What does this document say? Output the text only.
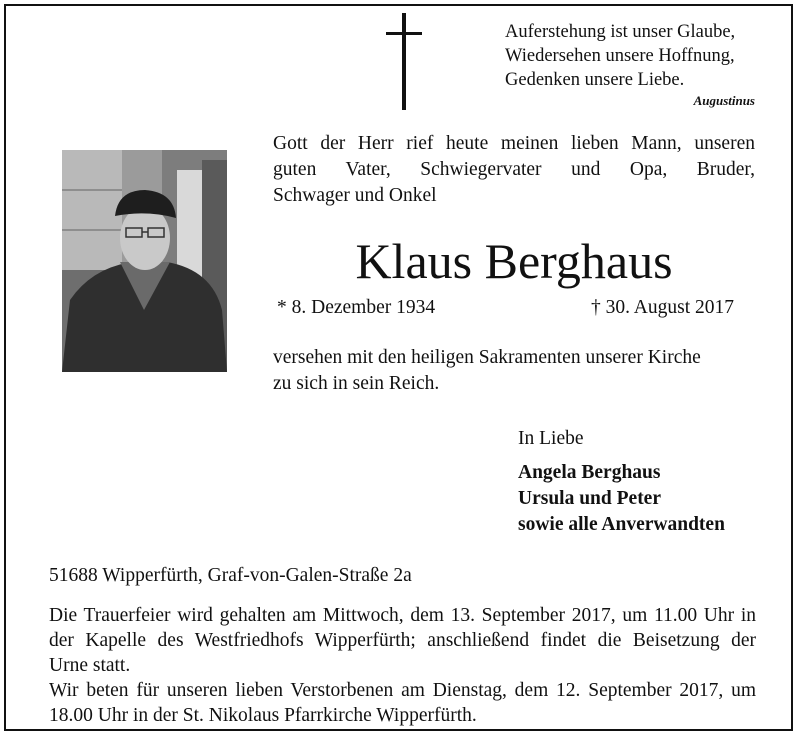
Auferstehung ist unser Glaube,
Wiedersehen unsere Hoffnung,
Gedenken unsere Liebe.
Augustinus
Gott der Herr rief heute meinen lieben Mann, unseren
guten Vater, Schwiegervater und Opa, Bruder,
Schwager und Onkel
Klaus Berghaus
* 8. Dezember 1934	† 30. August 2017
versehen mit den heiligen Sakramenten unserer Kirche
zu sich in sein Reich.
In Liebe
Angela Berghaus
Ursula und Peter
sowie alle Anverwandten
51688 Wipperfürth, Graf-von-Galen-Straße 2a
Die Trauerfeier wird gehalten am Mittwoch, dem 13. September 2017, um 11.00 Uhr in
der Kapelle des Westfriedhofs Wipperfürth; anschließend findet die Beisetzung der
Urne statt.
Wir beten für unseren lieben Verstorbenen am Dienstag, dem 12. September 2017, um
18.00 Uhr in der St. Nikolaus Pfarrkirche Wipperfürth.
